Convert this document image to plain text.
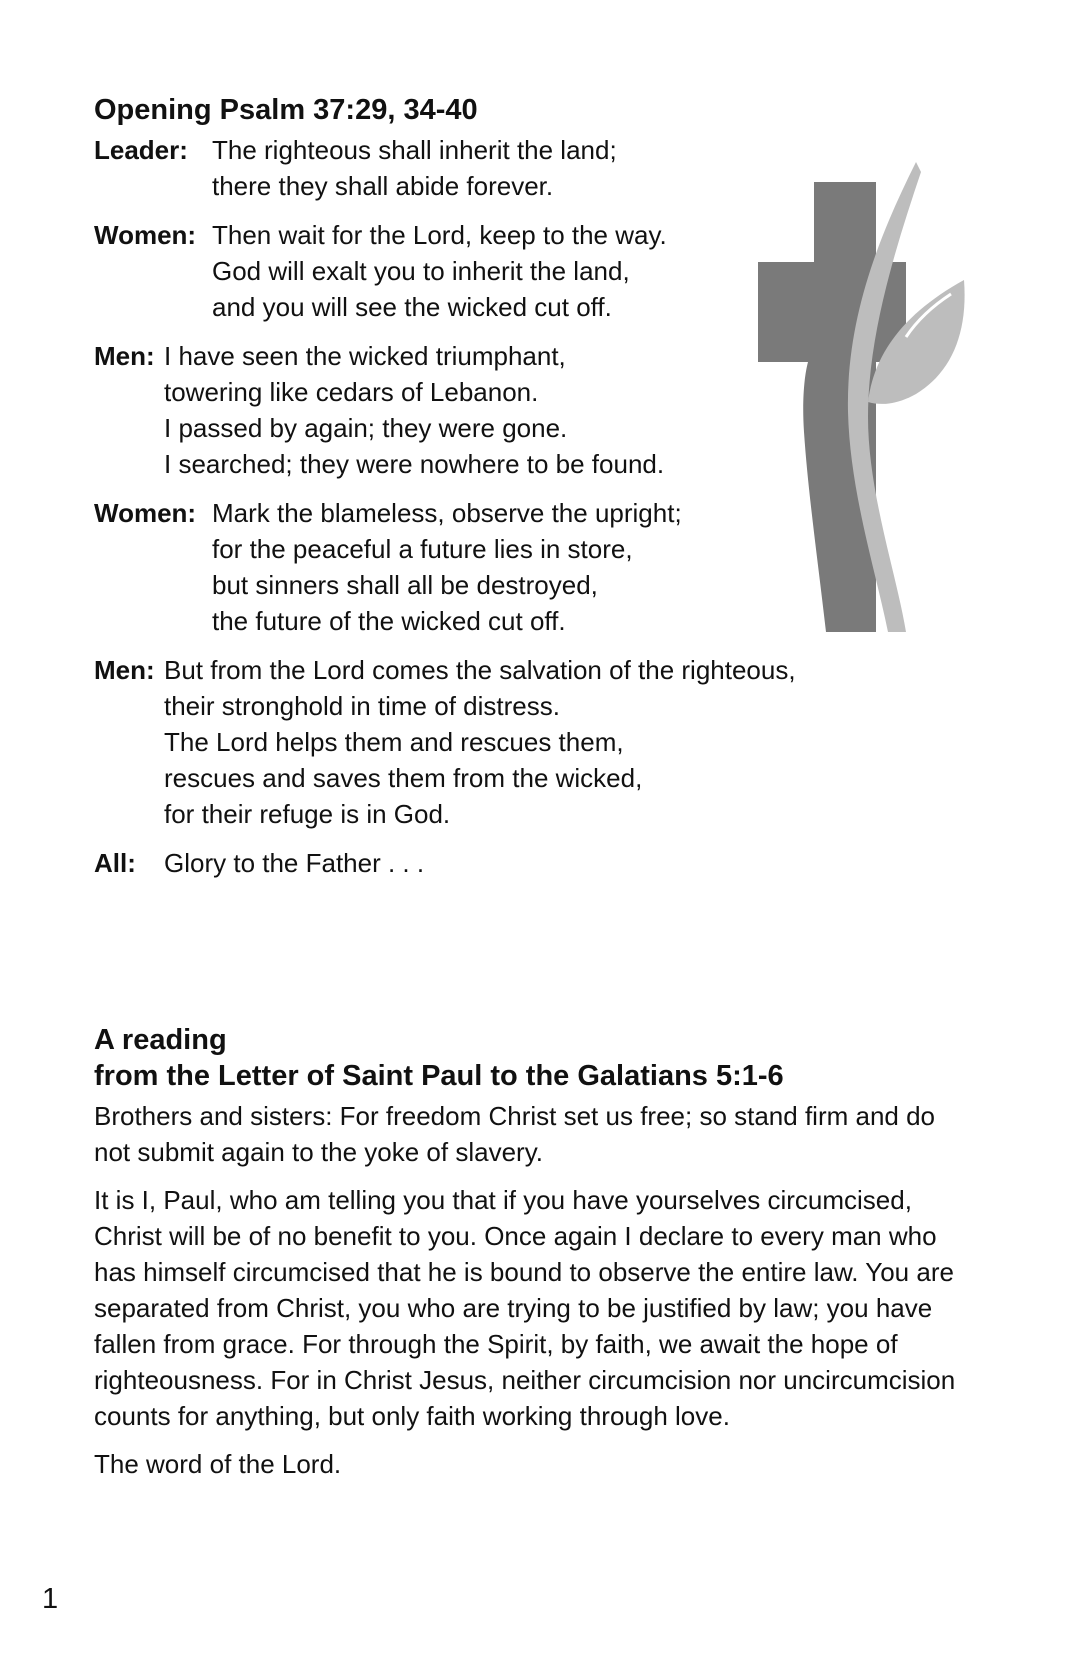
Opening Psalm 37:29, 34-40
Leader: The righteous shall inherit the land;
there they shall abide forever.
Women: Then wait for the Lord, keep to the way.
God will exalt you to inherit the land,
and you will see the wicked cut off.
Men: I have seen the wicked triumphant,
towering like cedars of Lebanon.
I passed by again; they were gone.
I searched; they were nowhere to be found.
Women: Mark the blameless, observe the upright;
for the peaceful a future lies in store,
but sinners shall all be destroyed,
the future of the wicked cut off.
Men: But from the Lord comes the salvation of the righteous,
their stronghold in time of distress.
The Lord helps them and rescues them,
rescues and saves them from the wicked,
for their refuge is in God.
All:	Glory to the Father . . .
A reading
from the Letter of Saint Paul to the Galatians 5:1-6

Brothers and sisters: For freedom Christ set us free; so stand firm and do not submit again to the yoke of slavery.

It is I, Paul, who am telling you that if you have yourselves circumcised, Christ will be of no benefit to you. Once again I declare to every man who has himself circumcised that he is bound to observe the entire law. You are separated from Christ, you who are trying to be justified by law; you have fallen from grace. For through the Spirit, by faith, we await the hope of righteousness. For in Christ Jesus, neither circumcision nor uncircumcision counts for anything, but only faith working through love.

The word of the Lord.

1
